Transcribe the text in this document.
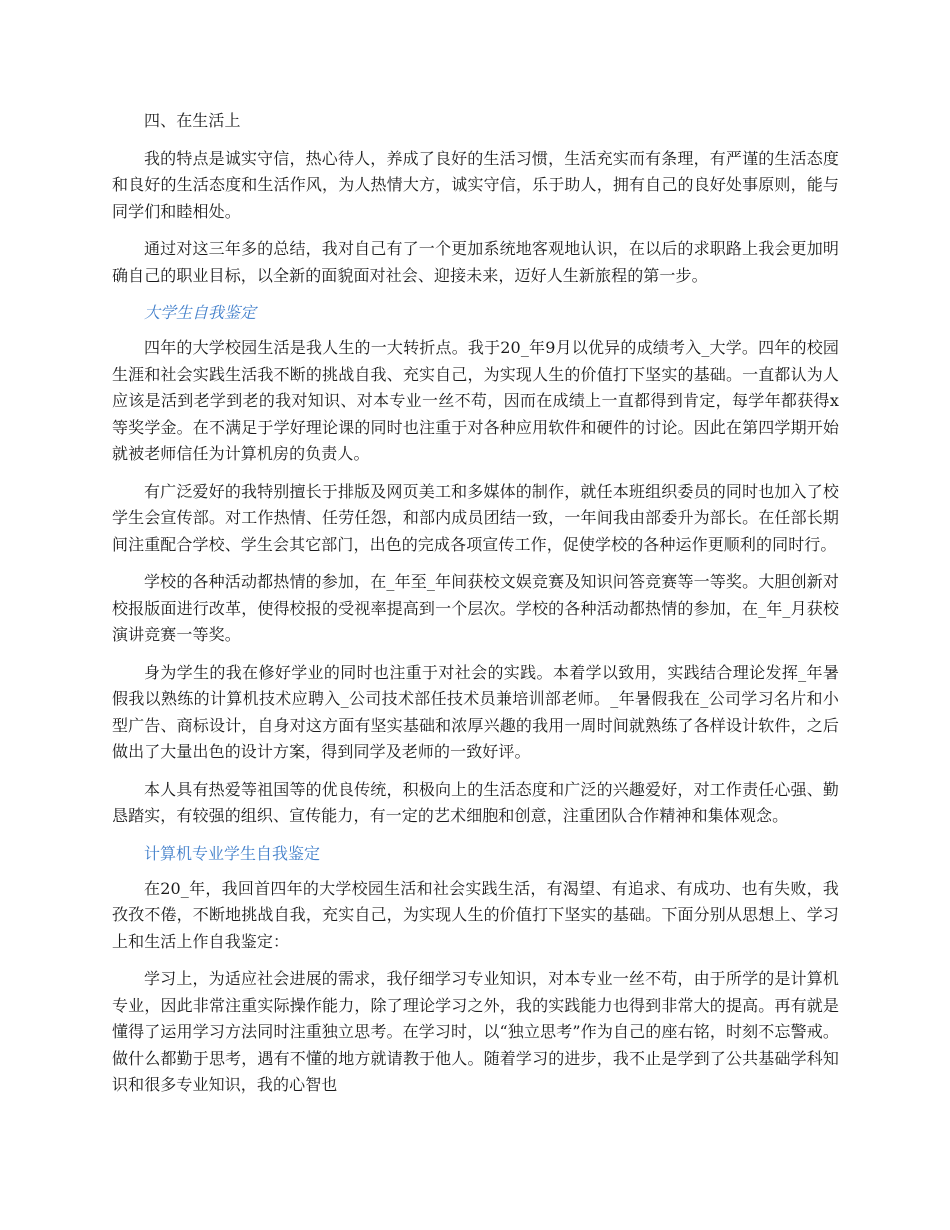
四、在生活上

我的特点是诚实守信，热心待人，养成了良好的生活习惯，生活充实而有条理，有严谨的生活态度和良好的生活态度和生活作风，为人热情大方，诚实守信，乐于助人，拥有自己的良好处事原则，能与同学们和睦相处。

通过对这三年多的总结，我对自己有了一个更加系统地客观地认识，在以后的求职路上我会更加明确自己的职业目标，以全新的面貌面对社会、迎接未来，迈好人生新旅程的第一步。

大学生自我鉴定

四年的大学校园生活是我人生的一大转折点。我于20_年9月以优异的成绩考入_大学。四年的校园生涯和社会实践生活我不断的挑战自我、充实自己，为实现人生的价值打下坚实的基础。一直都认为人应该是活到老学到老的我对知识、对本专业一丝不苟，因而在成绩上一直都得到肯定，每学年都获得x等奖学金。在不满足于学好理论课的同时也注重于对各种应用软件和硬件的讨论。因此在第四学期开始就被老师信任为计算机房的负责人。

有广泛爱好的我特别擅长于排版及网页美工和多媒体的制作，就任本班组织委员的同时也加入了校学生会宣传部。对工作热情、任劳任怨，和部内成员团结一致，一年间我由部委升为部长。在任部长期间注重配合学校、学生会其它部门，出色的完成各项宣传工作，促使学校的各种运作更顺利的同时行。

学校的各种活动都热情的参加，在_年至_年间获校文娱竞赛及知识问答竞赛等一等奖。大胆创新对校报版面进行改革，使得校报的受视率提高到一个层次。学校的各种活动都热情的参加，在_年_月获校演讲竞赛一等奖。

身为学生的我在修好学业的同时也注重于对社会的实践。本着学以致用，实践结合理论发挥_年暑假我以熟练的计算机技术应聘入_公司技术部任技术员兼培训部老师。_年暑假我在_公司学习名片和小型广告、商标设计，自身对这方面有坚实基础和浓厚兴趣的我用一周时间就熟练了各样设计软件，之后做出了大量出色的设计方案，得到同学及老师的一致好评。

本人具有热爱等祖国等的优良传统，积极向上的生活态度和广泛的兴趣爱好，对工作责任心强、勤恳踏实，有较强的组织、宣传能力，有一定的艺术细胞和创意，注重团队合作精神和集体观念。

计算机专业学生自我鉴定

在20_年，我回首四年的大学校园生活和社会实践生活，有渴望、有追求、有成功、也有失败，我孜孜不倦，不断地挑战自我，充实自己，为实现人生的价值打下坚实的基础。下面分别从思想上、学习上和生活上作自我鉴定：

学习上，为适应社会进展的需求，我仔细学习专业知识，对本专业一丝不苟，由于所学的是计算机专业，因此非常注重实际操作能力，除了理论学习之外，我的实践能力也得到非常大的提高。再有就是懂得了运用学习方法同时注重独立思考。在学习时，以“独立思考”作为自己的座右铭，时刻不忘警戒。做什么都勤于思考，遇有不懂的地方就请教于他人。随着学习的进步，我不止是学到了公共基础学科知识和很多专业知识，我的心智也
